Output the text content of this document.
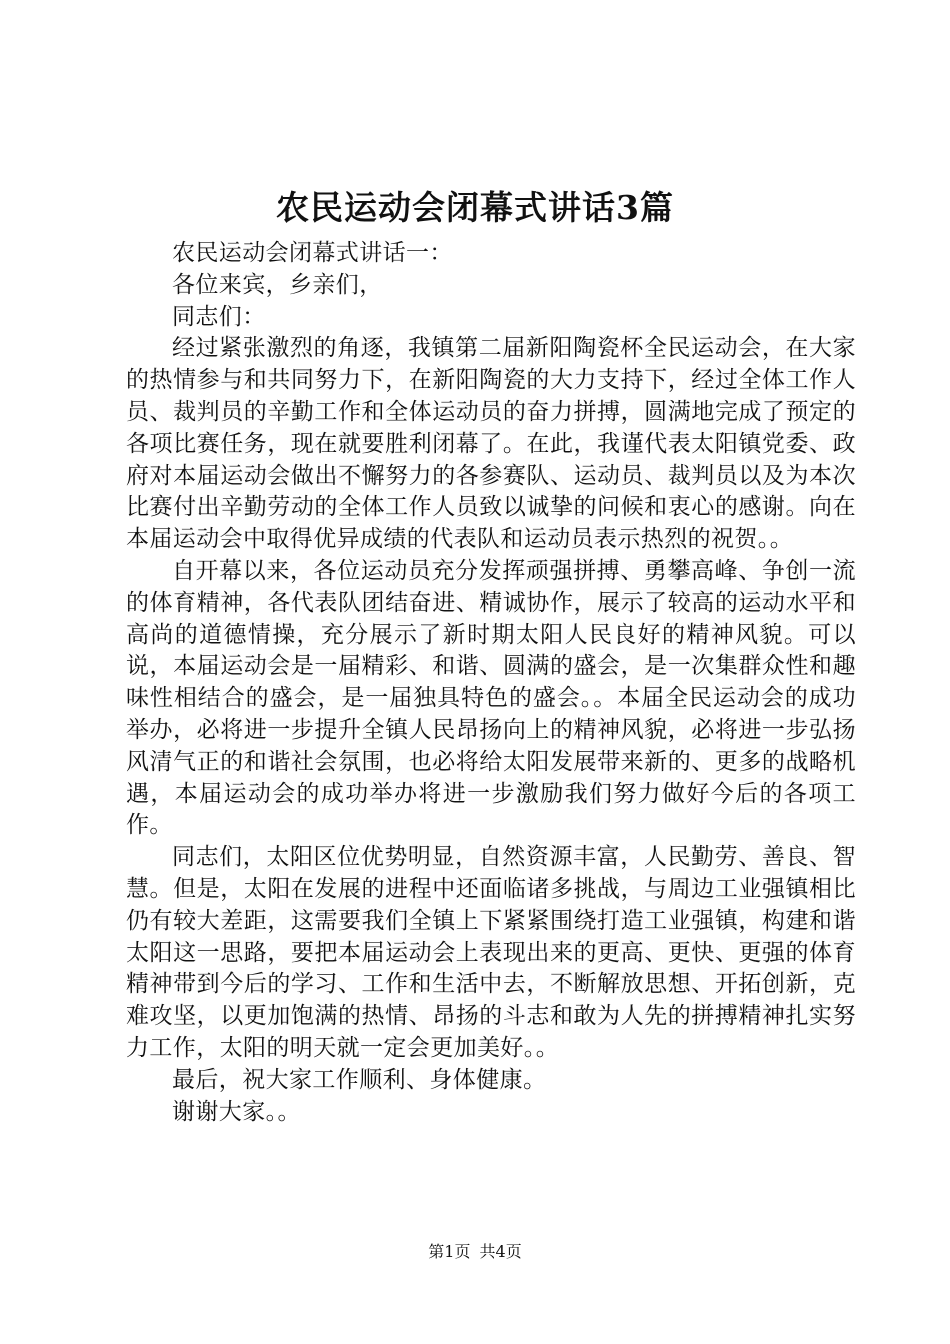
农民运动会闭幕式讲话3篇

农民运动会闭幕式讲话一：

各位来宾，乡亲们，

同志们：

经过紧张激烈的角逐，我镇第二届新阳陶瓷杯全民运动会，在大家的热情参与和共同努力下，在新阳陶瓷的大力支持下，经过全体工作人员、裁判员的辛勤工作和全体运动员的奋力拼搏，圆满地完成了预定的各项比赛任务，现在就要胜利闭幕了。在此，我谨代表太阳镇党委、政府对本届运动会做出不懈努力的各参赛队、运动员、裁判员以及为本次比赛付出辛勤劳动的全体工作人员致以诚挚的问候和衷心的感谢。向在本届运动会中取得优异成绩的代表队和运动员表示热烈的祝贺。。

自开幕以来，各位运动员充分发挥顽强拼搏、勇攀高峰、争创一流的体育精神，各代表队团结奋进、精诚协作，展示了较高的运动水平和高尚的道德情操，充分展示了新时期太阳人民良好的精神风貌。可以说，本届运动会是一届精彩、和谐、圆满的盛会，是一次集群众性和趣味性相结合的盛会，是一届独具特色的盛会。。本届全民运动会的成功举办，必将进一步提升全镇人民昂扬向上的精神风貌，必将进一步弘扬风清气正的和谐社会氛围，也必将给太阳发展带来新的、更多的战略机遇，本届运动会的成功举办将进一步激励我们努力做好今后的各项工作。

同志们，太阳区位优势明显，自然资源丰富，人民勤劳、善良、智慧。但是，太阳在发展的进程中还面临诸多挑战，与周边工业强镇相比仍有较大差距，这需要我们全镇上下紧紧围绕打造工业强镇，构建和谐太阳这一思路，要把本届运动会上表现出来的更高、更快、更强的体育精神带到今后的学习、工作和生活中去，不断解放思想、开拓创新，克难攻坚，以更加饱满的热情、昂扬的斗志和敢为人先的拼搏精神扎实努力工作，太阳的明天就一定会更加美好。。

最后，祝大家工作顺利、身体健康。

谢谢大家。。

第1页 共4页
